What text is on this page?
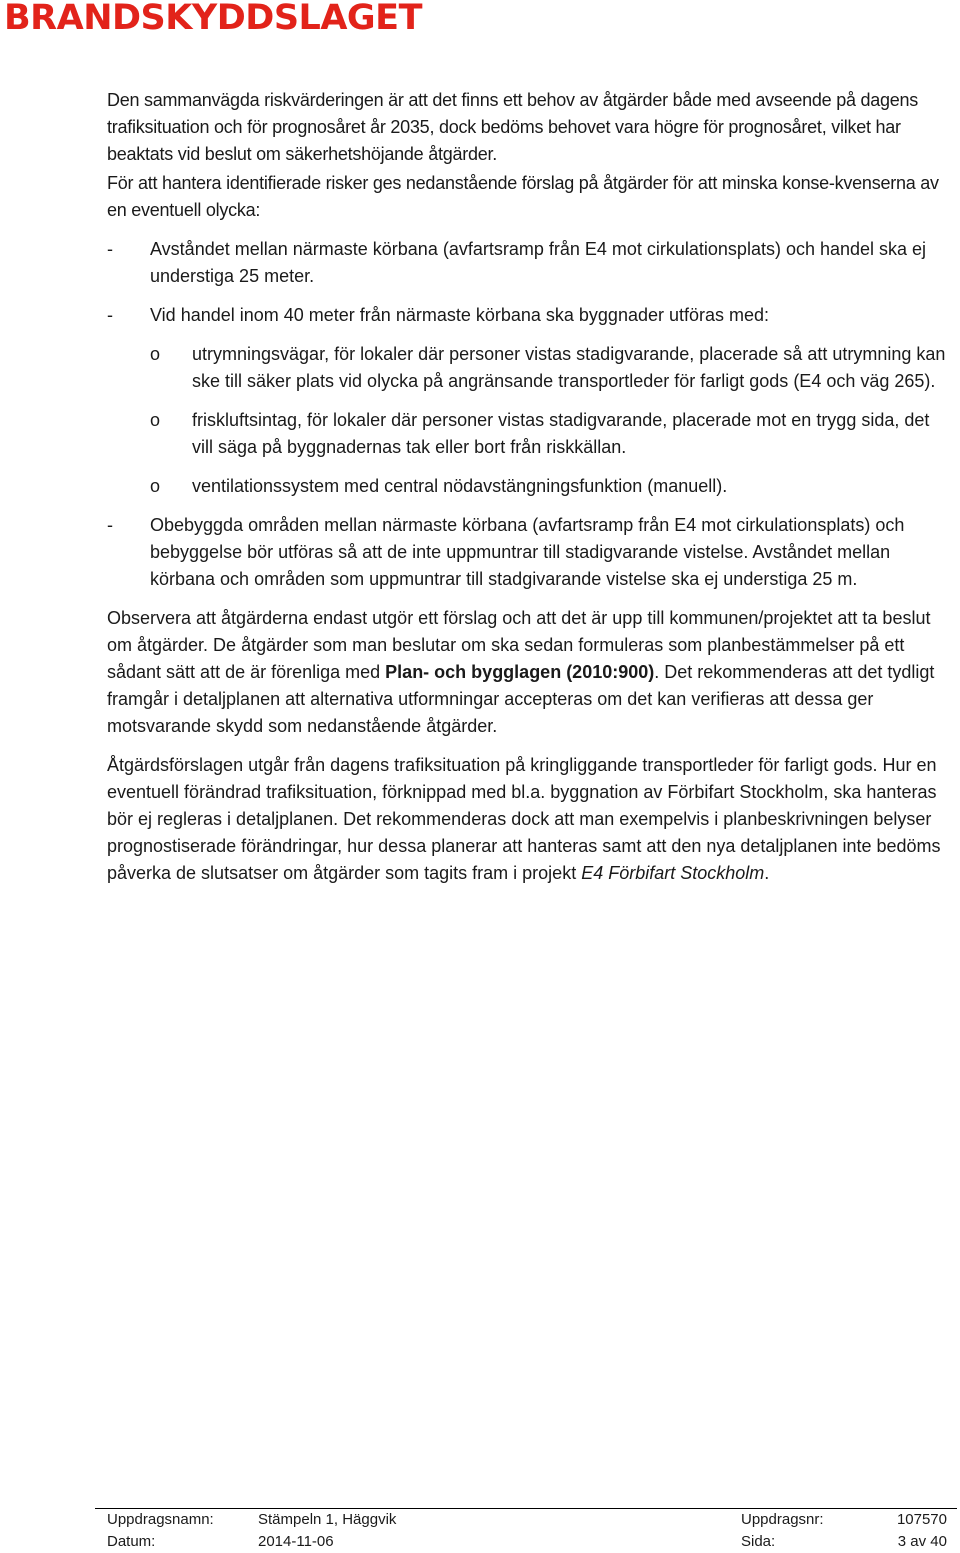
BRANDSKYDDSLAGET

Den sammanvägda riskvärderingen är att det finns ett behov av åtgärder både med avseende på dagens trafiksituation och för prognosåret år 2035, dock bedöms behovet vara högre för prognosåret, vilket har beaktats vid beslut om säkerhetshöjande åtgärder.

För att hantera identifierade risker ges nedanstående förslag på åtgärder för att minska konse-kvenserna av en eventuell olycka:

- Avståndet mellan närmaste körbana (avfartsramp från E4 mot cirkulationsplats) och handel ska ej understiga 25 meter.
- Vid handel inom 40 meter från närmaste körbana ska byggnader utföras med:
o utrymningsvägar, för lokaler där personer vistas stadigvarande, placerade så att utrymning kan ske till säker plats vid olycka på angränsande transportleder för farligt gods (E4 och väg 265).
o friskluftsintag, för lokaler där personer vistas stadigvarande, placerade mot en trygg sida, det vill säga på byggnadernas tak eller bort från riskkällan.
o ventilationssystem med central nödavstängningsfunktion (manuell).
- Obebyggda områden mellan närmaste körbana (avfartsramp från E4 mot cirkulationsplats) och bebyggelse bör utföras så att de inte uppmuntrar till stadigvarande vistelse. Avståndet mellan körbana och områden som uppmuntrar till stadgivarande vistelse ska ej understiga 25 m.

Observera att åtgärderna endast utgör ett förslag och att det är upp till kommunen/projektet att ta beslut om åtgärder. De åtgärder som man beslutar om ska sedan formuleras som planbestämmelser på ett sådant sätt att de är förenliga med Plan- och bygglagen (2010:900). Det rekommenderas att det tydligt framgår i detaljplanen att alternativa utformningar accepteras om det kan verifieras att dessa ger motsvarande skydd som nedanstående åtgärder.

Åtgärdsförslagen utgår från dagens trafiksituation på kringliggande transportleder för farligt gods. Hur en eventuell förändrad trafiksituation, förknippad med bl.a. byggnation av Förbifart Stockholm, ska hanteras bör ej regleras i detaljplanen. Det rekommenderas dock att man exempelvis i planbeskrivningen belyser prognostiserade förändringar, hur dessa planerar att hanteras samt att den nya detaljplanen inte bedöms påverka de slutsatser om åtgärder som tagits fram i projekt E4 Förbifart Stockholm.

Uppdragsnamn:	Stämpeln 1, Häggvik	Uppdragsnr:	107570
Datum:	2014-11-06	Sida:	3 av 40
